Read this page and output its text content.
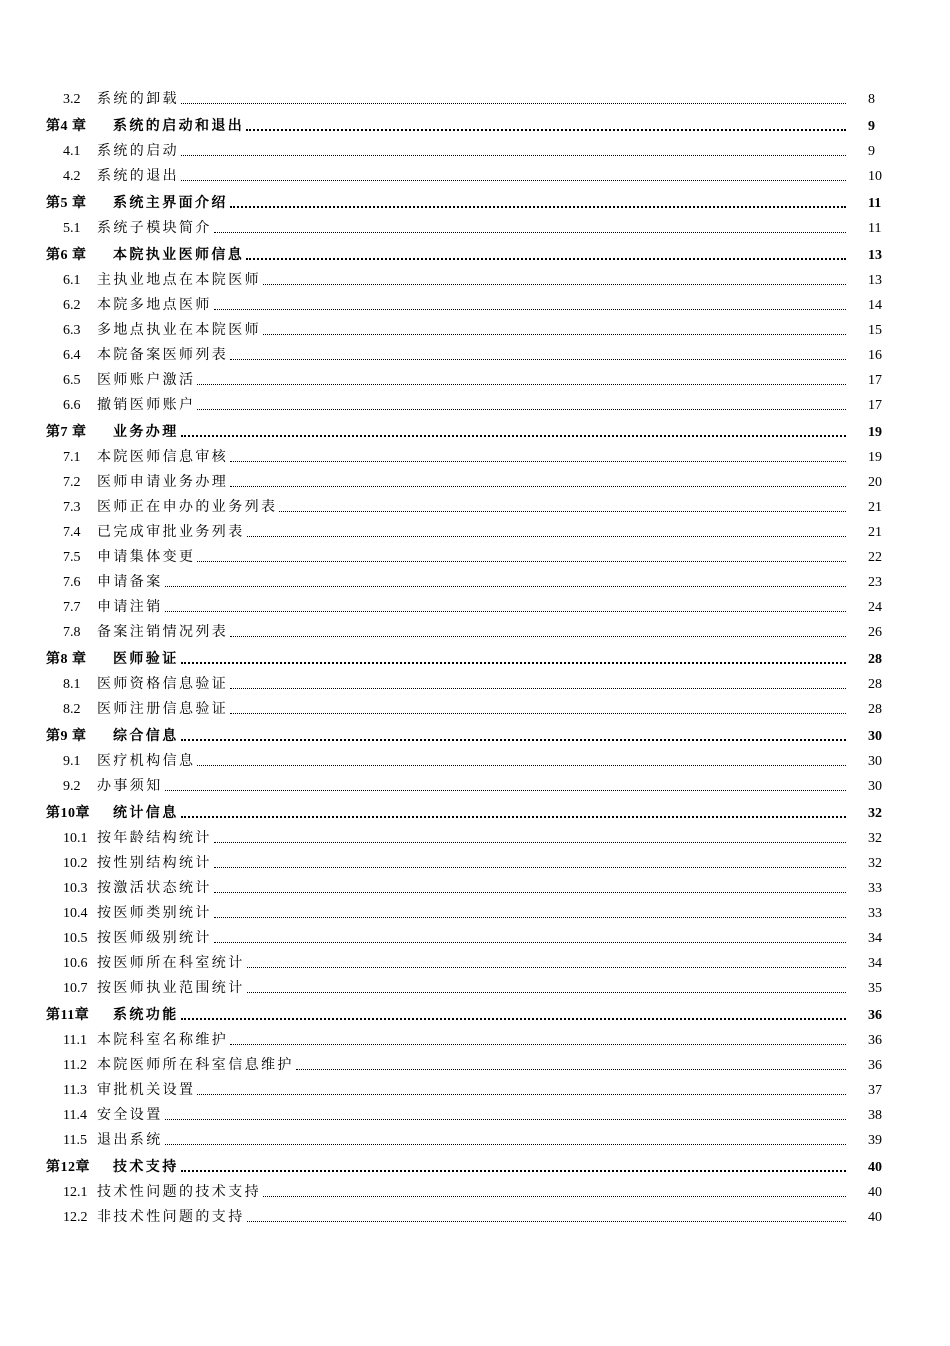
3.2	系统的卸载	8
第4 章	系统的启动和退出	9
4.1	系统的启动	9
4.2	系统的退出	10
第5 章	系统主界面介绍	11
5.1	系统子模块简介	11
第6 章	本院执业医师信息	13
6.1	主执业地点在本院医师	13
6.2	本院多地点医师	14
6.3	多地点执业在本院医师	15
6.4	本院备案医师列表	16
6.5	医师账户激活	17
6.6	撤销医师账户	17
第7 章	业务办理	19
7.1	本院医师信息审核	19
7.2	医师申请业务办理	20
7.3	医师正在申办的业务列表	21
7.4	已完成审批业务列表	21
7.5	申请集体变更	22
7.6	申请备案	23
7.7	申请注销	24
7.8	备案注销情况列表	26
第8 章	医师验证	28
8.1	医师资格信息验证	28
8.2	医师注册信息验证	28
第9 章	综合信息	30
9.1	医疗机构信息	30
9.2	办事须知	30
第10章	统计信息	32
10.1 按年龄结构统计	32
10.2 按性别结构统计	32
10.3 按激活状态统计	33
10.4 按医师类别统计	33
10.5 按医师级别统计	34
10.6 按医师所在科室统计	34
10.7 按医师执业范围统计	35
第11章	系统功能	36
11.1 本院科室名称维护	36
11.2 本院医师所在科室信息维护	36
11.3 审批机关设置	37
11.4 安全设置	38
11.5 退出系统	39
第12章	技术支持	40
12.1 技术性问题的技术支持	40
12.2 非技术性问题的支持	40
